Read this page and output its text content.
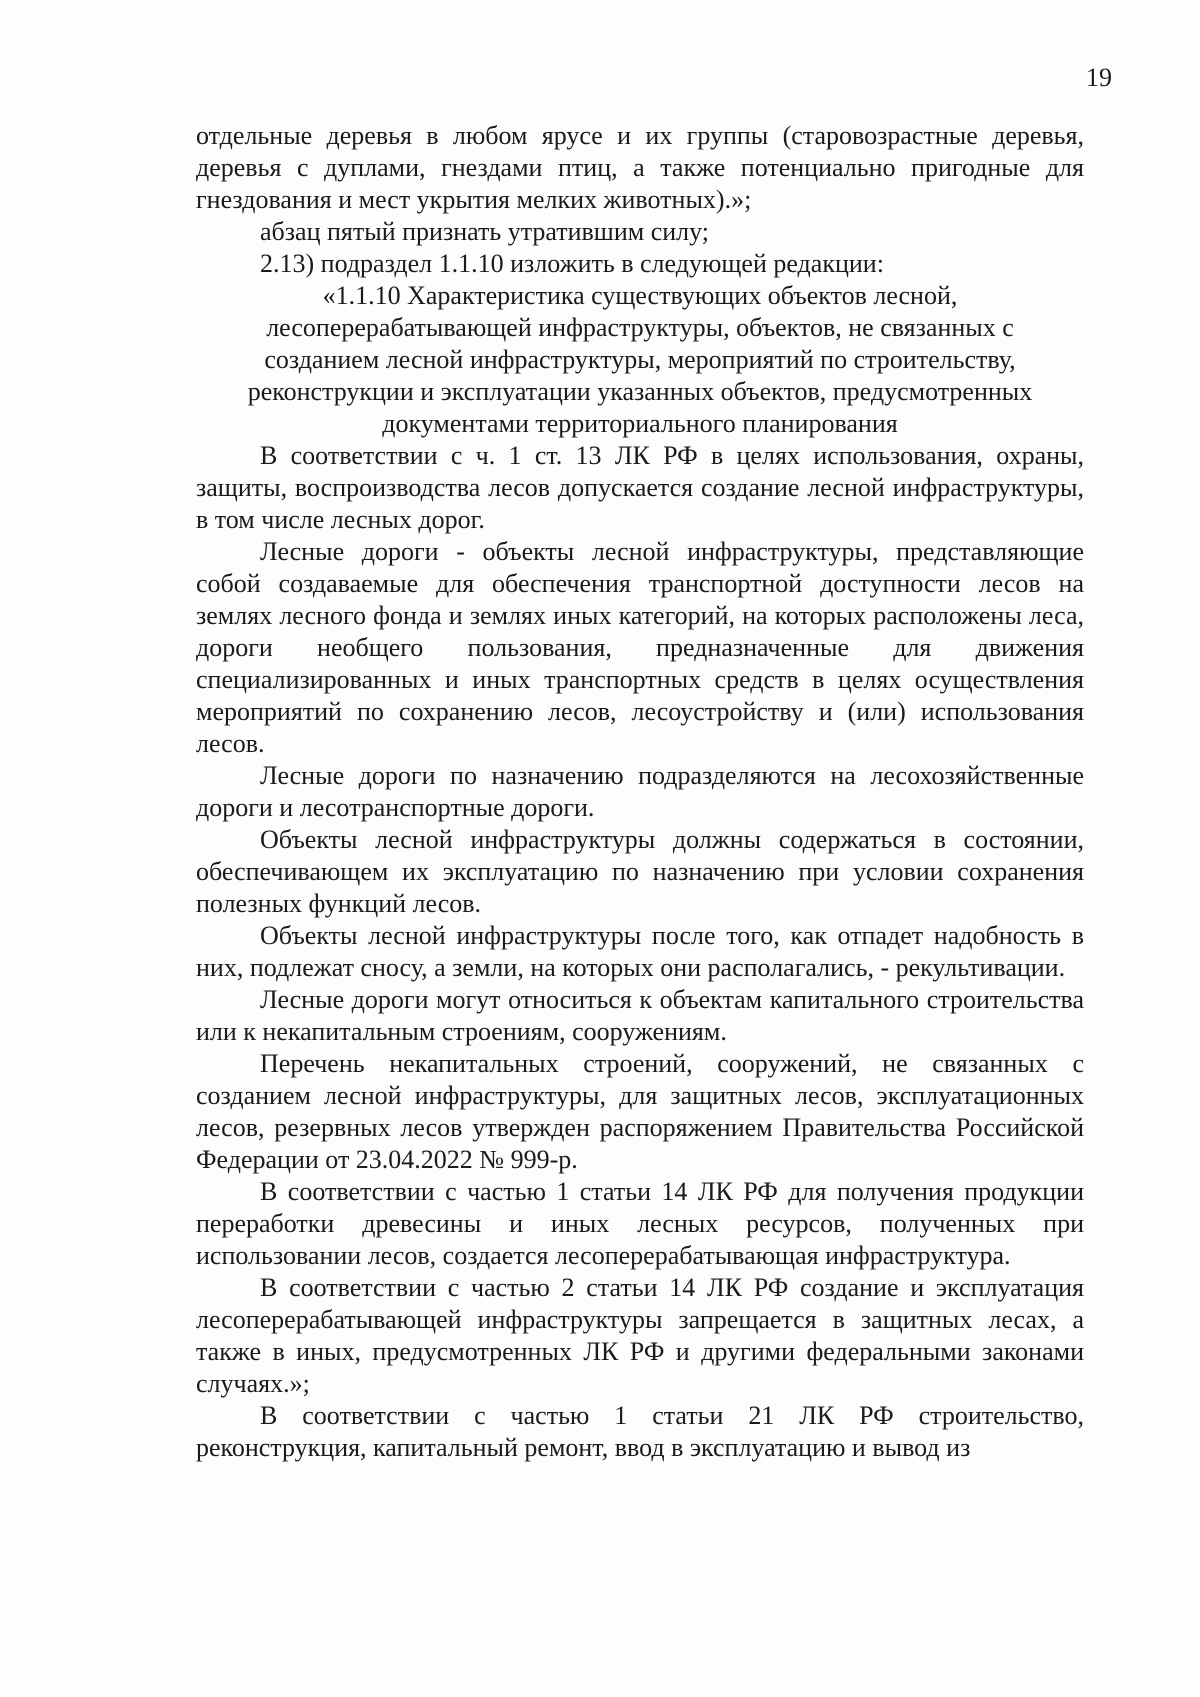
19

отдельные деревья в любом ярусе и их группы (старовозрастные деревья, деревья с дуплами, гнездами птиц, а также потенциально пригодные для гнездования и мест укрытия мелких животных).»;

абзац пятый признать утратившим силу;

2.13) подраздел 1.1.10 изложить в следующей редакции:

«1.1.10 Характеристика существующих объектов лесной,
лесоперерабатывающей инфраструктуры, объектов, не связанных с
созданием лесной инфраструктуры, мероприятий по строительству,
реконструкции и эксплуатации указанных объектов, предусмотренных
документами территориального планирования

В соответствии с ч. 1 ст. 13 ЛК РФ в целях использования, охраны, защиты, воспроизводства лесов допускается создание лесной инфраструктуры, в том числе лесных дорог.

Лесные дороги - объекты лесной инфраструктуры, представляющие собой создаваемые для обеспечения транспортной доступности лесов на землях лесного фонда и землях иных категорий, на которых расположены леса, дороги необщего пользования, предназначенные для движения специализированных и иных транспортных средств в целях осуществления мероприятий по сохранению лесов, лесоустройству и (или) использования лесов.

Лесные дороги по назначению подразделяются на лесохозяйственные дороги и лесотранспортные дороги.

Объекты лесной инфраструктуры должны содержаться в состоянии, обеспечивающем их эксплуатацию по назначению при условии сохранения полезных функций лесов.

Объекты лесной инфраструктуры после того, как отпадет надобность в них, подлежат сносу, а земли, на которых они располагались, - рекультивации.

Лесные дороги могут относиться к объектам капитального строительства или к некапитальным строениям, сооружениям.

Перечень некапитальных строений, сооружений, не связанных с созданием лесной инфраструктуры, для защитных лесов, эксплуатационных лесов, резервных лесов утвержден распоряжением Правительства Российской Федерации от 23.04.2022 № 999-р.

В соответствии с частью 1 статьи 14 ЛК РФ для получения продукции переработки древесины и иных лесных ресурсов, полученных при использовании лесов, создается лесоперерабатывающая инфраструктура.

В соответствии с частью 2 статьи 14 ЛК РФ создание и эксплуатация лесоперерабатывающей инфраструктуры запрещается в защитных лесах, а также в иных, предусмотренных ЛК РФ и другими федеральными законами случаях.»;

В соответствии с частью 1 статьи 21 ЛК РФ строительство, реконструкция, капитальный ремонт, ввод в эксплуатацию и вывод из
